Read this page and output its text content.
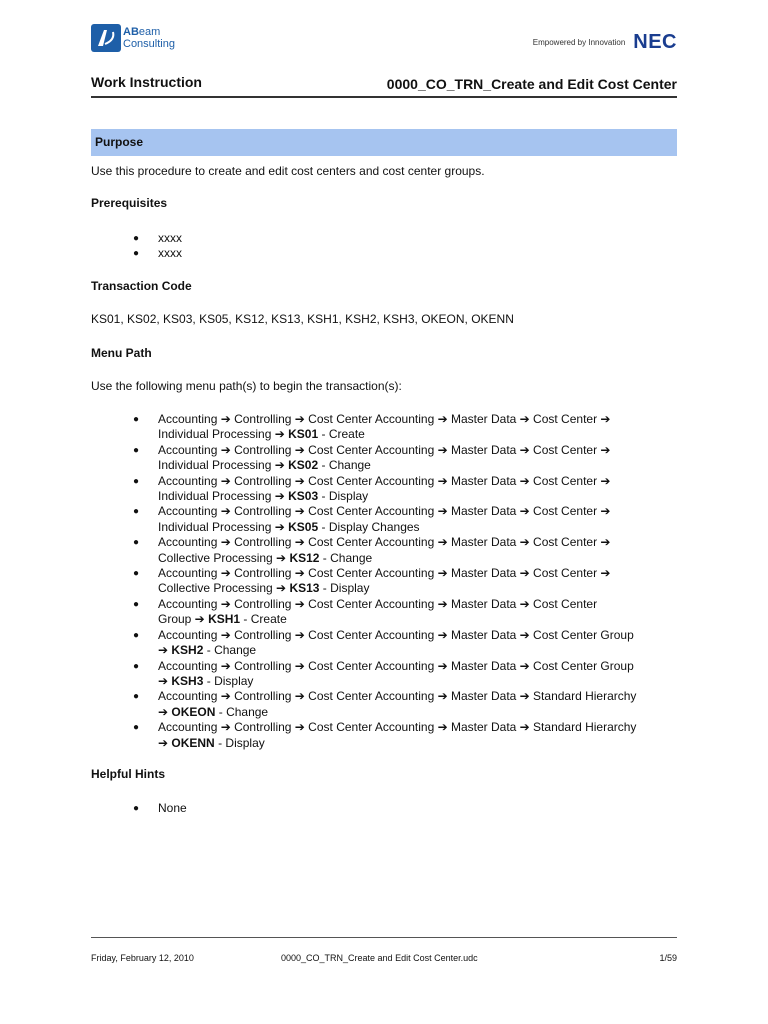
ABeam
Consulting	Empowered by Innovation NEC
Work Instruction	0000_CO_TRN_Create and Edit Cost Center
Purpose
Use this procedure to create and edit cost centers and cost center groups.
Prerequisites
● xxxx
● xxxx
Transaction Code
KS01, KS02, KS03, KS05, KS12, KS13, KSH1, KSH2, KSH3, OKEON, OKENN
Menu Path
Use the following menu path(s) to begin the transaction(s):
● Accounting ➔ Controlling ➔ Cost Center Accounting ➔ Master Data ➔ Cost Center ➔
Individual Processing ➔ KS01 - Create
● Accounting ➔ Controlling ➔ Cost Center Accounting ➔ Master Data ➔ Cost Center ➔
Individual Processing ➔ KS02 - Change
● Accounting ➔ Controlling ➔ Cost Center Accounting ➔ Master Data ➔ Cost Center ➔
Individual Processing ➔ KS03 - Display
● Accounting ➔ Controlling ➔ Cost Center Accounting ➔ Master Data ➔ Cost Center ➔
Individual Processing ➔ KS05 - Display Changes
● Accounting ➔ Controlling ➔ Cost Center Accounting ➔ Master Data ➔ Cost Center ➔
Collective Processing ➔ KS12 - Change
● Accounting ➔ Controlling ➔ Cost Center Accounting ➔ Master Data ➔ Cost Center ➔
Collective Processing ➔ KS13 - Display
● Accounting ➔ Controlling ➔ Cost Center Accounting ➔ Master Data ➔ Cost Center
Group ➔ KSH1 - Create
● Accounting ➔ Controlling ➔ Cost Center Accounting ➔ Master Data ➔ Cost Center Group
➔ KSH2 - Change
● Accounting ➔ Controlling ➔ Cost Center Accounting ➔ Master Data ➔ Cost Center Group
➔ KSH3 - Display
● Accounting ➔ Controlling ➔ Cost Center Accounting ➔ Master Data ➔ Standard Hierarchy
➔ OKEON - Change
● Accounting ➔ Controlling ➔ Cost Center Accounting ➔ Master Data ➔ Standard Hierarchy
➔ OKENN - Display
Helpful Hints
● None
Friday, February 12, 2010	0000_CO_TRN_Create and Edit Cost Center.udc	1/59
